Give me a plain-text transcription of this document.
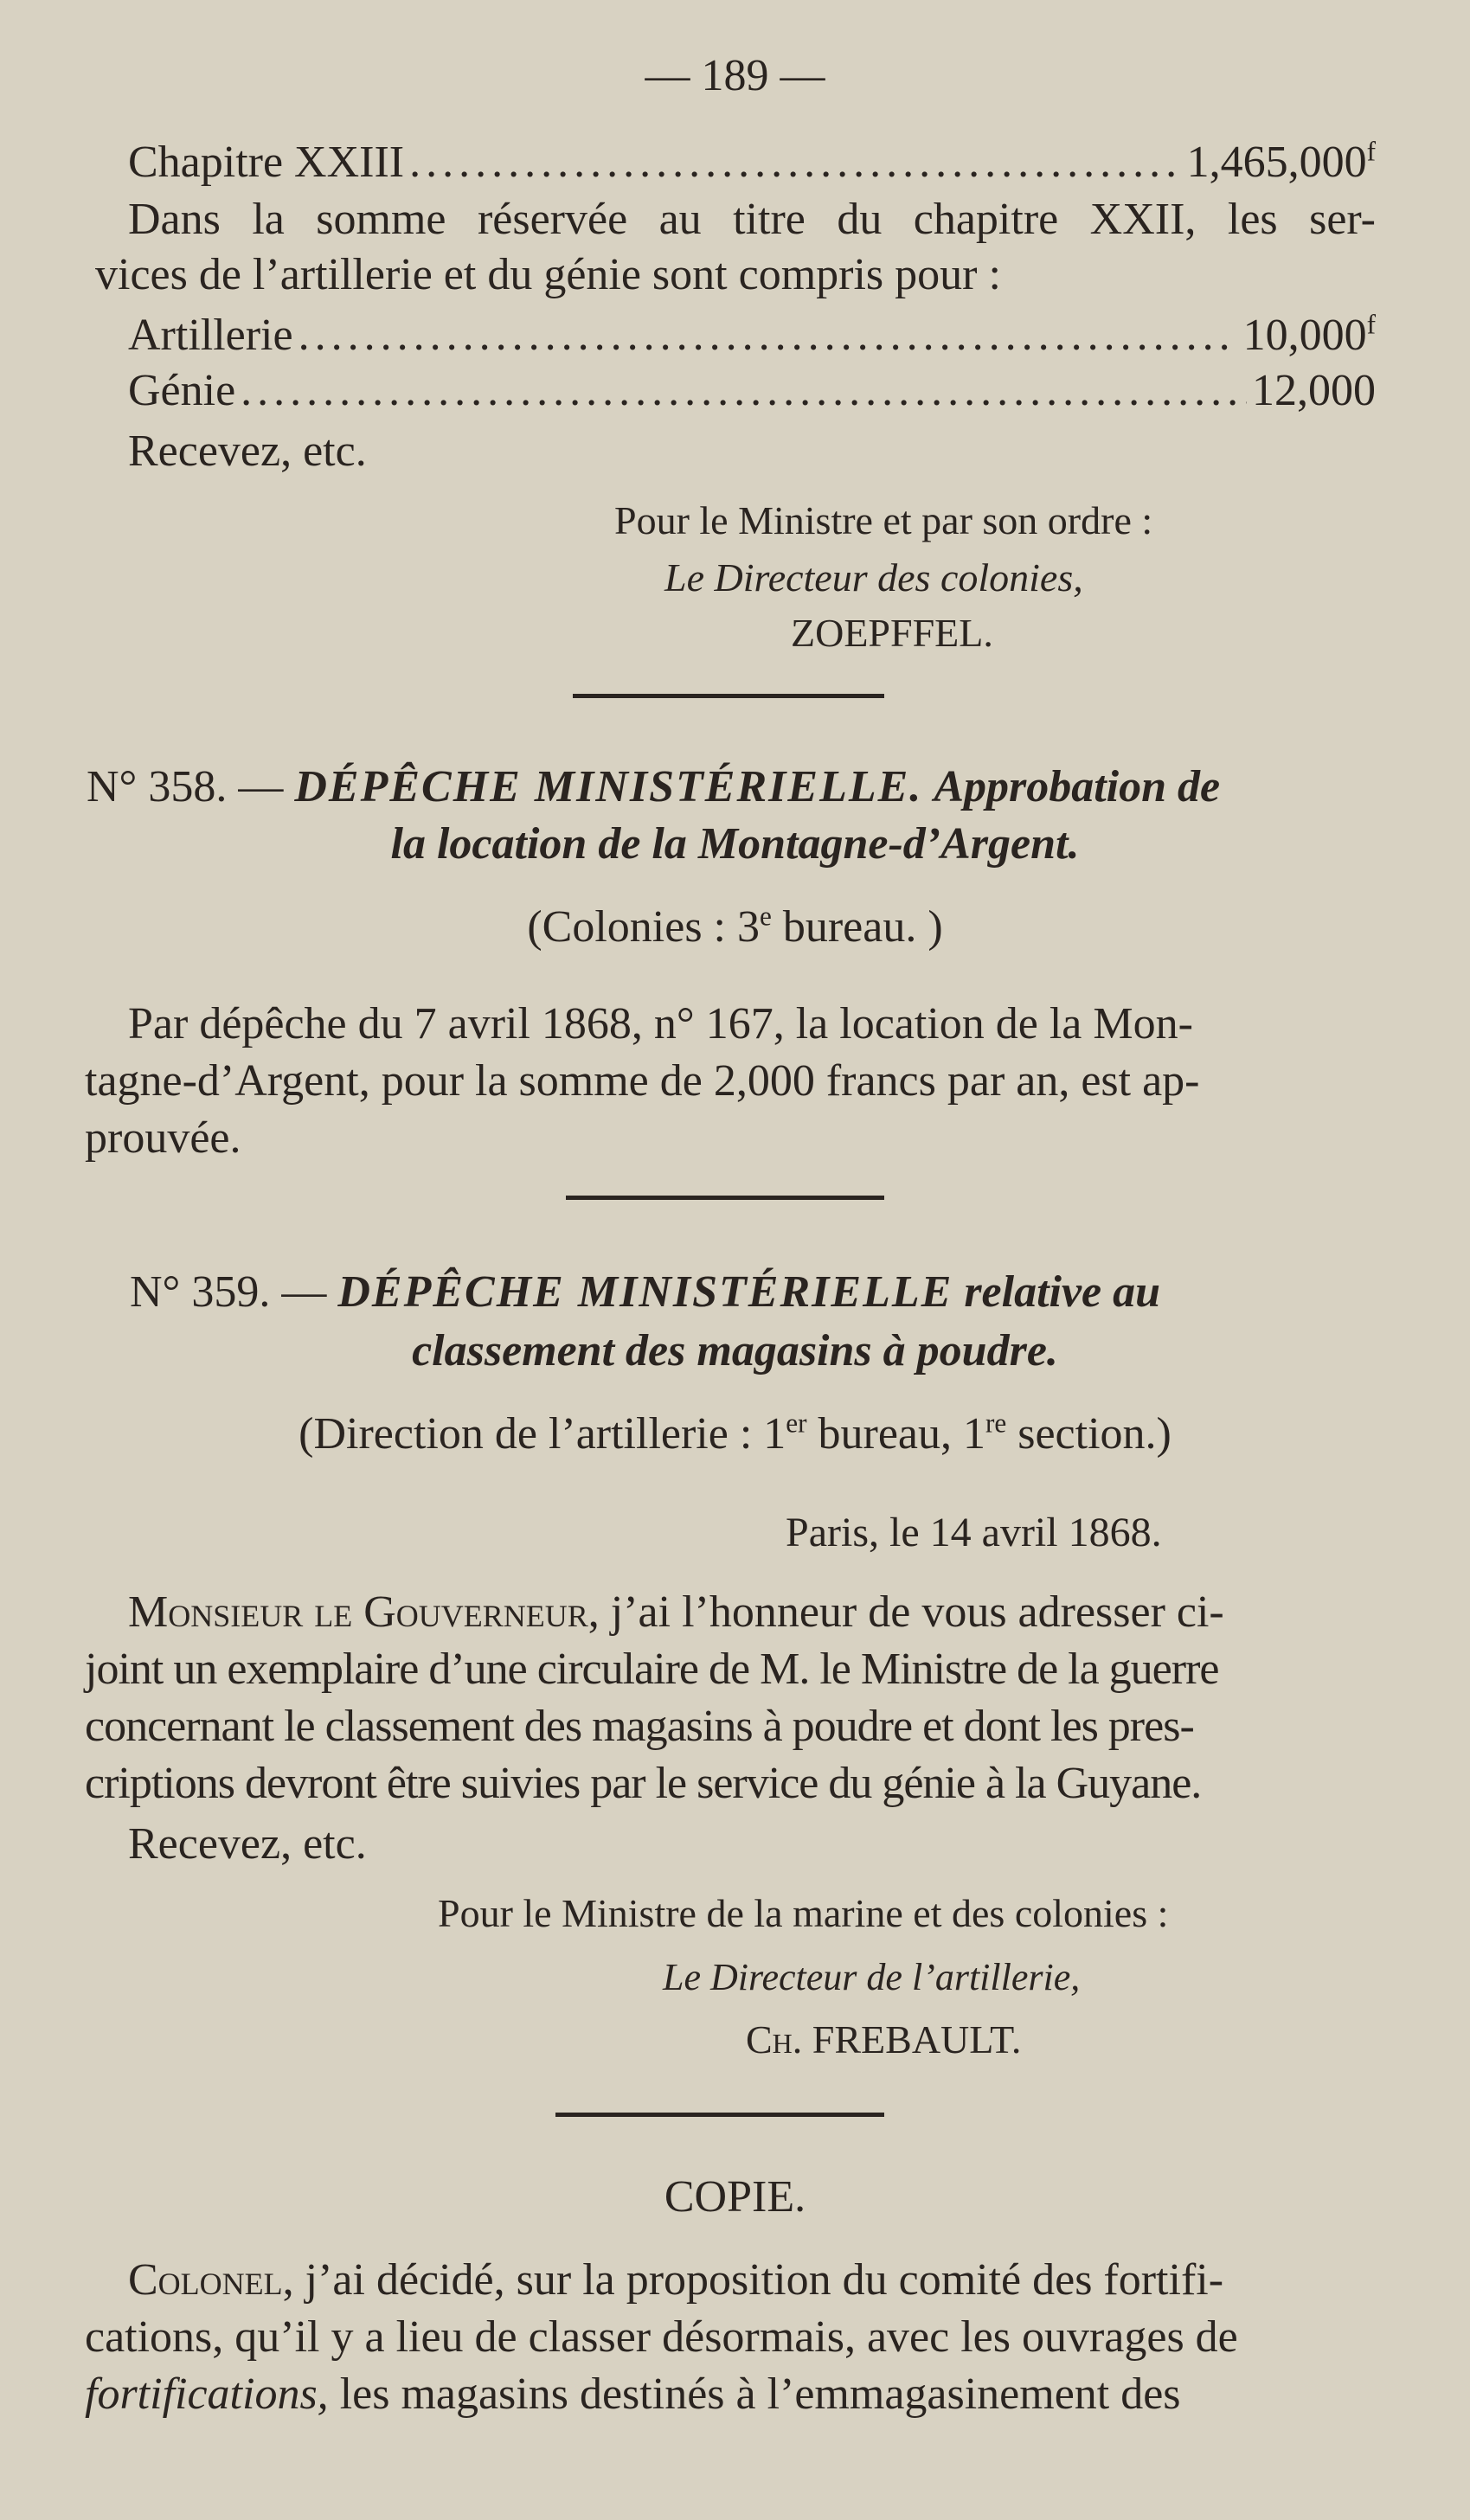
— 189 —
Chapitre XXIII .....	1,465,000$^f$
Dans la somme réservée au titre du chapitre XXII, les ser-
vices de l’artillerie et du génie sont compris pour :
Artillerie .....	10,000$^f$
Génie .....	12,000
Recevez, etc.
Pour le Ministre et par son ordre :
Le Directeur des colonies,
ZOEPFFEL.
N° 358. — DÉPÊCHE MINISTÉRIELLE. Approbation de
la location de la Montagne-d’Argent.
(Colonies : 3e bureau. )
Par dépêche du 7 avril 1868, n° 167, la location de la Mon-
tagne-d’Argent, pour la somme de 2,000 francs par an, est ap-
prouvée.
N° 359. — DÉPÊCHE MINISTÉRIELLE relative au
classement des magasins à poudre.
(Direction de l’artillerie : 1er bureau, 1re section.)
Paris, le 14 avril 1868.
Monsieur le Gouverneur, j’ai l’honneur de vous adresser ci-
joint un exemplaire d’une circulaire de M. le Ministre de la guerre
concernant le classement des magasins à poudre et dont les pres-
criptions devront être suivies par le service du génie à la Guyane.
Recevez, etc.
Pour le Ministre de la marine et des colonies :
Le Directeur de l’artillerie,
Ch. FREBAULT.
COPIE.
Colonel, j’ai décidé, sur la proposition du comité des fortifi-
cations, qu’il y a lieu de classer désormais, avec les ouvrages de
fortifications, les magasins destinés à l’emmagasinement des
